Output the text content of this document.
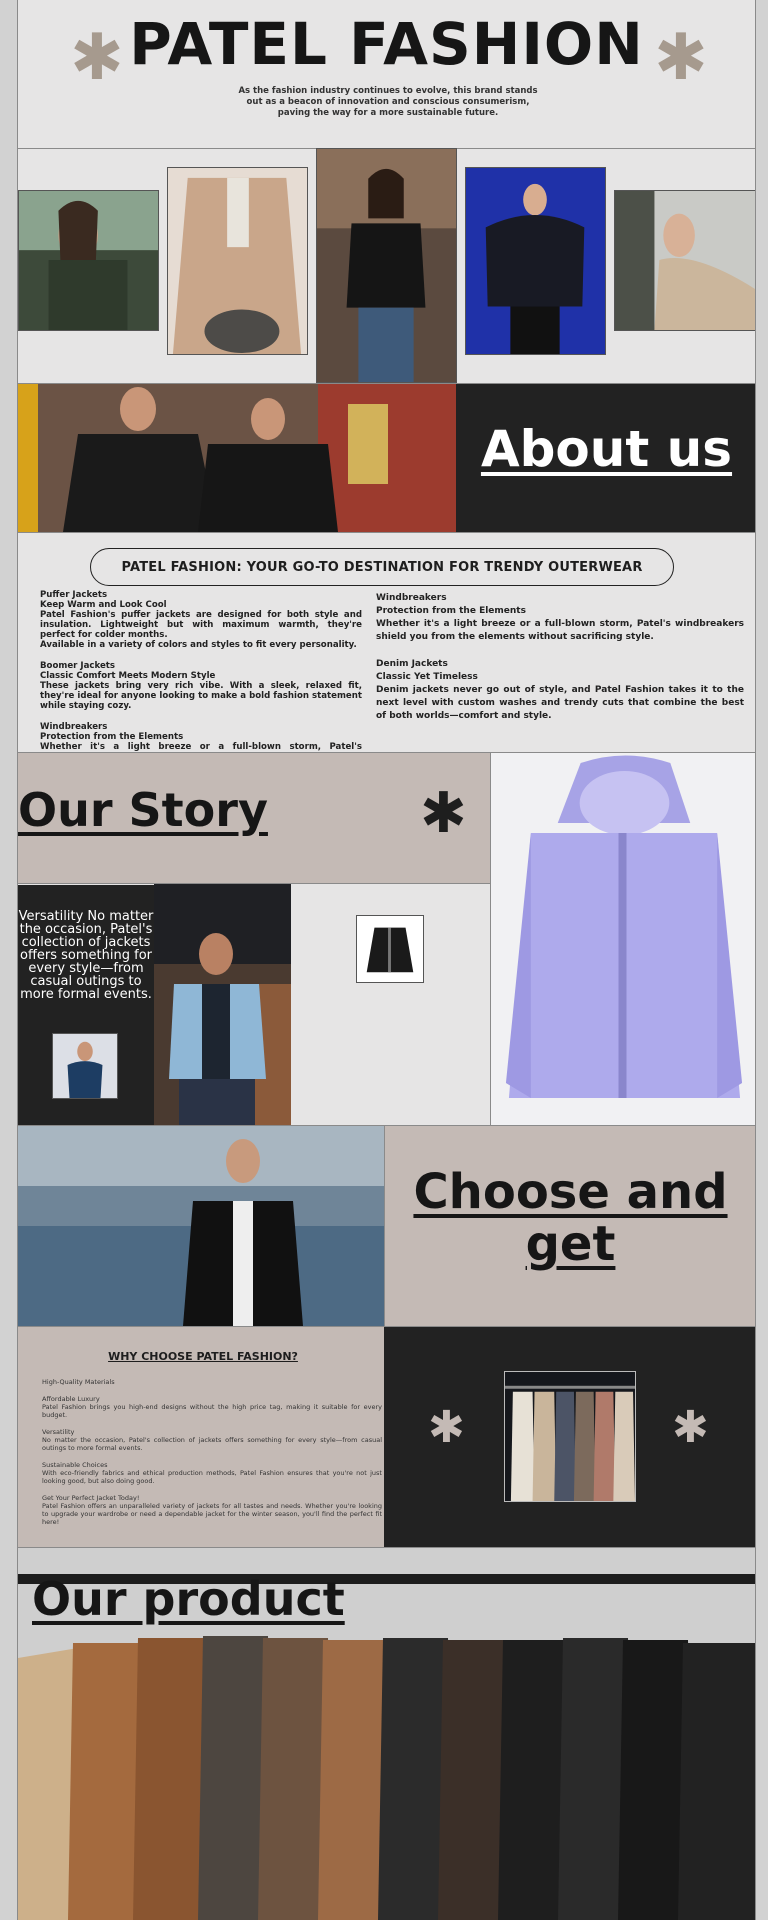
✱	✱
PATEL FASHION
As the fashion industry continues to evolve, this brand stands out as a beacon of innovation and conscious consumerism, paving the way for a more sustainable future.
About us
PATEL FASHION: YOUR GO-TO DESTINATION FOR TRENDY OUTERWEAR

Puffer Jackets

Keep Warm and Look Cool

Patel Fashion's puffer jackets are designed for both style and insulation. Lightweight but with maximum warmth, they're perfect for colder months.

Available in a variety of colors and styles to fit every personality.

Boomer Jackets

Classic Comfort Meets Modern Style

These jackets bring very rich vibe. With a sleek, relaxed fit, they're ideal for anyone looking to make a bold fashion statement while staying cozy.

Windbreakers

Protection from the Elements

Whether it's a light breeze or a full-blown storm, Patel's

Windbreakers

Protection from the Elements

Whether it's a light breeze or a full-blown storm, Patel's windbreakers shield you from the elements without sacrificing style.

Denim Jackets

Classic Yet Timeless

Denim jackets never go out of style, and Patel Fashion takes it to the next level with custom washes and trendy cuts that combine the best of both worlds—comfort and style.

Our Story	✱
Versatility No matter the occasion, Patel's collection of jackets offers something for every style—from casual outings to more formal events.
Choose and get
WHY CHOOSE PATEL FASHION?

High-Quality Materials

Affordable Luxury
Patel Fashion brings you high-end designs without the high price tag, making it suitable for every budget.

Versatility
No matter the occasion, Patel's collection of jackets offers something for every style—from casual outings to more formal events.

Sustainable Choices
With eco-friendly fabrics and ethical production methods, Patel Fashion ensures that you're not just looking good, but also doing good.

Get Your Perfect Jacket Today!
Patel Fashion offers an unparalleled variety of jackets for all tastes and needs. Whether you're looking to upgrade your wardrobe or need a dependable jacket for the winter season, you'll find the perfect fit here!

✱	✱
Our product
